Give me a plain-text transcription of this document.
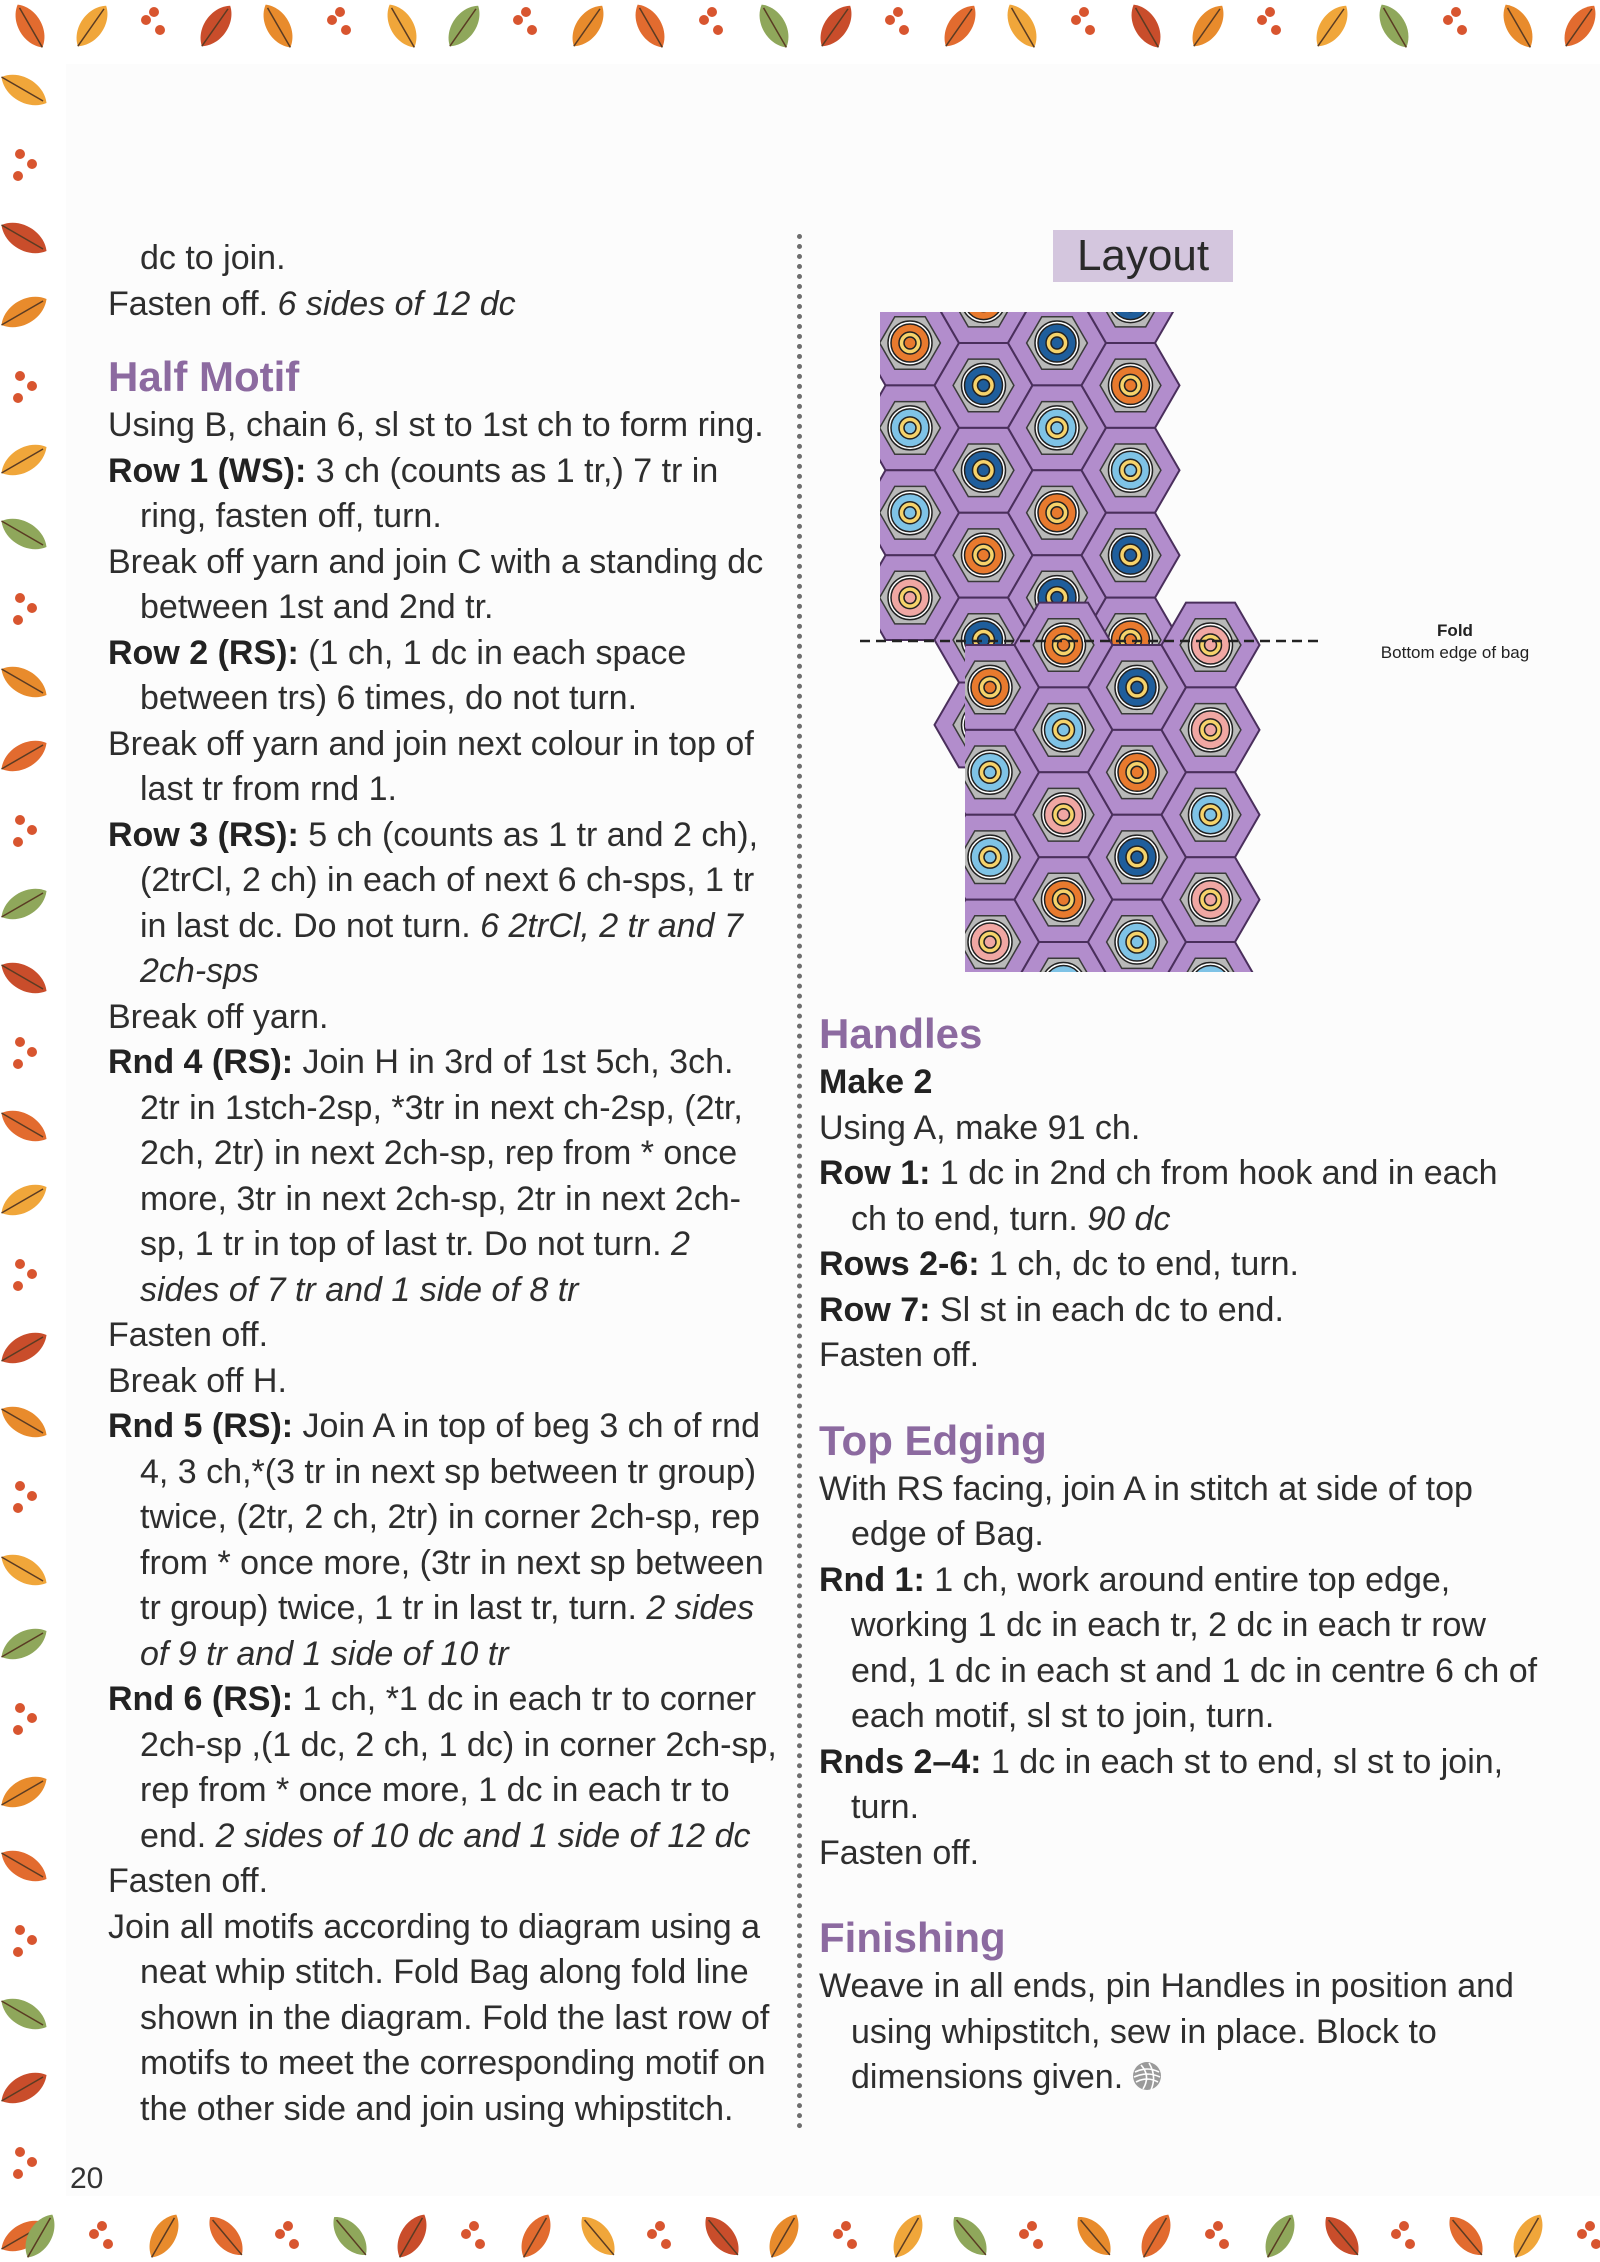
dc to join.

Fasten off. 6 sides of 12 dc

Half Motif

Using B, chain 6, sl st to 1st ch to form ring.

Row 1 (WS): 3 ch (counts as 1 tr,) 7 tr in ring, fasten off, turn.

Break off yarn and join C with a standing dc between 1st and 2nd tr.

Row 2 (RS): (1 ch, 1 dc in each space between trs) 6 times, do not turn.

Break off yarn and join next colour in top of last tr from rnd 1.

Row 3 (RS): 5 ch (counts as 1 tr and 2 ch), (2trCl, 2 ch) in each of next 6 ch-sps, 1 tr in last dc. Do not turn. 6 2trCl, 2 tr and 7 2ch-sps

Break off yarn.

Rnd 4 (RS): Join H in 3rd of 1st 5ch, 3ch. 2tr in 1stch-2sp, *3tr in next ch-2sp, (2tr, 2ch, 2tr) in next 2ch-sp, rep from * once more, 3tr in next 2ch-sp, 2tr in next 2ch-sp, 1 tr in top of last tr. Do not turn. 2 sides of 7 tr and 1 side of 8 tr

Fasten off.

Break off H.

Rnd 5 (RS): Join A in top of beg 3 ch of rnd 4, 3 ch,*(3 tr in next sp between tr group) twice, (2tr, 2 ch, 2tr) in corner 2ch-sp, rep from * once more, (3tr in next sp between tr group) twice, 1 tr in last tr, turn. 2 sides of 9 tr and 1 side of 10 tr

Rnd 6 (RS): 1 ch, *1 dc in each tr to corner 2ch-sp ,(1 dc, 2 ch, 1 dc) in corner 2ch-sp, rep from * once more, 1 dc in each tr to end. 2 sides of 10 dc and 1 side of 12 dc

Fasten off.

Join all motifs according to diagram using a neat whip stitch. Fold Bag along fold line shown in the diagram. Fold the last row of motifs to meet the corresponding motif on the other side and join using whipstitch.

Layout
Fold
Bottom edge of bag
Handles

Make 2

Using A, make 91 ch.

Row 1: 1 dc in 2nd ch from hook and in each ch to end, turn. 90 dc

Rows 2-6: 1 ch, dc to end, turn.

Row 7: Sl st in each dc to end.

Fasten off.

Top Edging

With RS facing, join A in stitch at side of top edge of Bag.

Rnd 1: 1 ch, work around entire top edge, working 1 dc in each tr, 2 dc in each tr row end, 1 dc in each st and 1 dc in centre 6 ch of each motif, sl st to join, turn.

Rnds 2–4: 1 dc in each st to end, sl st to join, turn.

Fasten off.

Finishing

Weave in all ends, pin Handles in position and using whipstitch, sew in place. Block to dimensions given.

20
